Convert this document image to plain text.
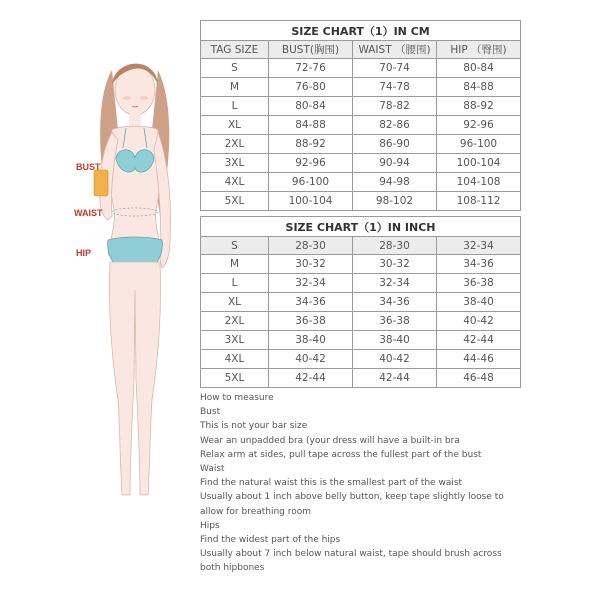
BUST
WAIST
HIP
SIZE CHART（1）IN CM			
TAG SIZE	BUST(胸围)	WAIST （腰围)	HIP （臀围)
S	72-76	70-74	80-84
M	76-80	74-78	84-88
L	80-84	78-82	88-92
XL	84-88	82-86	92-96
2XL	88-92	86-90	96-100
3XL	92-96	90-94	100-104
4XL	96-100	94-98	104-108
5XL	100-104	98-102	108-112
SIZE CHART（1）IN INCH			
S	28-30	28-30	32-34
M	30-32	30-32	34-36
L	32-34	32-34	36-38
XL	34-36	34-36	38-40
2XL	36-38	36-38	40-42
3XL	38-40	38-40	42-44
4XL	40-42	40-42	44-46
5XL	42-44	42-44	46-48
How to measure
Bust
This is not your bar size
Wear an unpadded bra (your dress will have a built-in bra
Relax arm at sides, pull tape across the fullest part of the bust
Waist
Find the natural waist this is the smallest part of the waist
Usually about 1 inch above belly button, keep tape slightly loose to allow for breathing room
Hips
Find the widest part of the hips
Usually about 7 inch below natural waist, tape should brush across both hipbones
